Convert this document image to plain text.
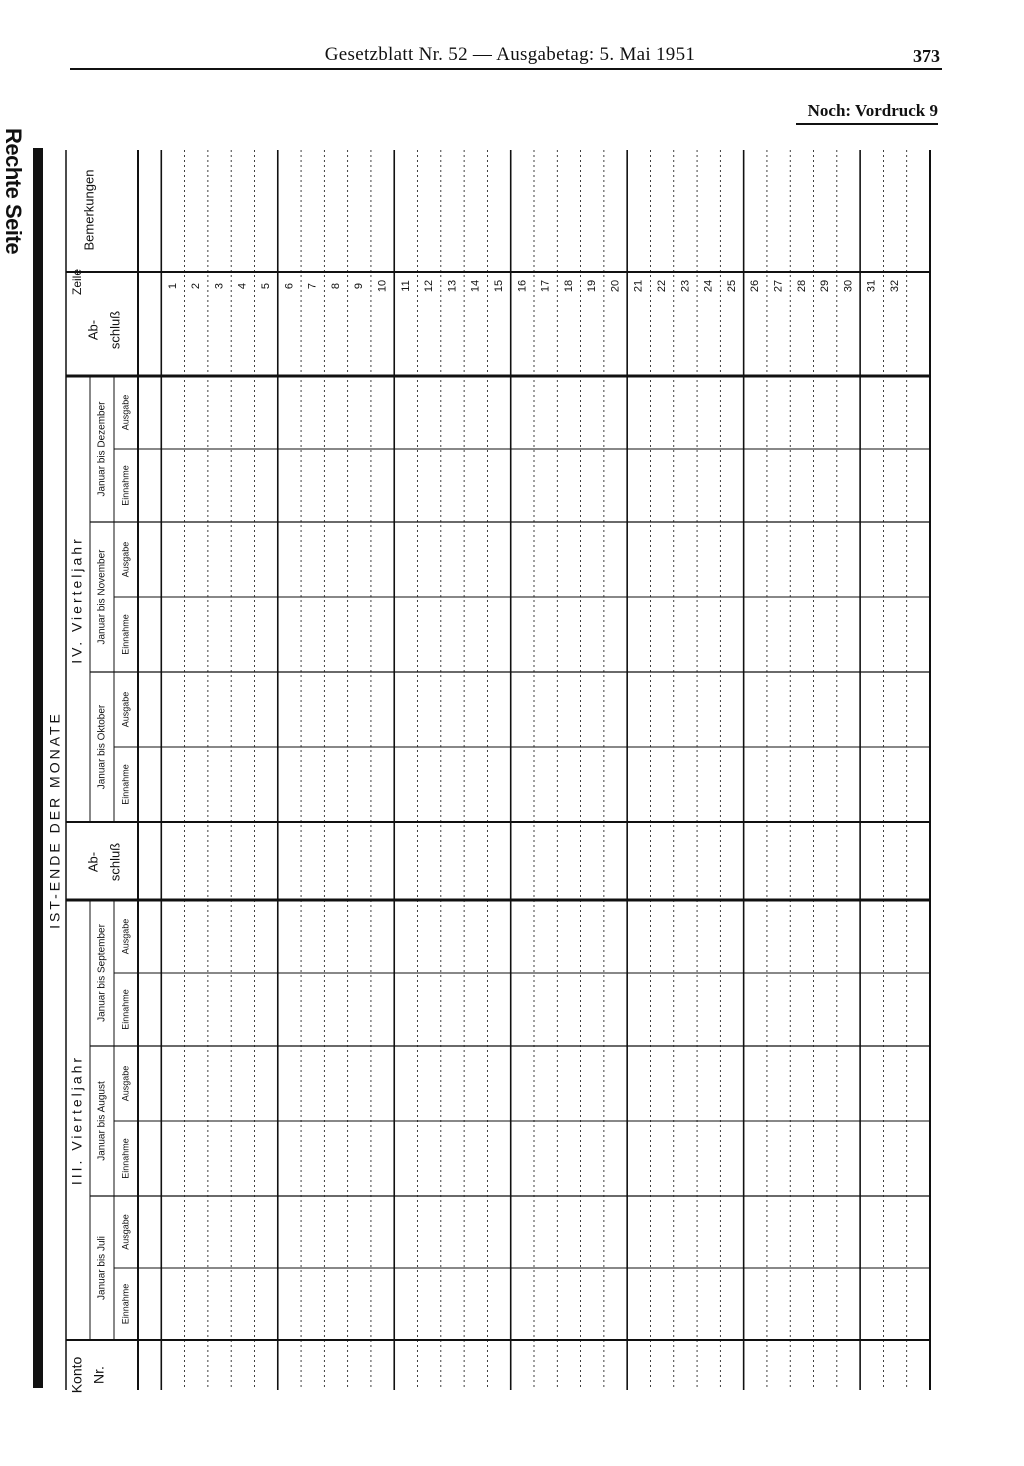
Gesetzblatt Nr. 52 — Ausgabetag: 5. Mai 1951	373
Noch: Vordruck 9
Rechte Seite
IST-ENDE DER MONATE
Konto Nr.
IV. Vierteljahr
III. Vierteljahr
Ab- schluß
Ab- schluß
Zeile
Bemerkungen
Januar bis Juli
Einnahme
Ausgabe
Januar bis August Einnahme
Ausgabe
Januar bis September Einnahme
Ausgabe
Januar bis Oktober Einnahme
Ausgabe
Januar bis November Einnahme
Ausgabe
Januar bis Dezember Einnahme
Ausgabe
1 2 3 4 5 6 7 8 9 10 11 12 13 14 15 16 17 18 19 20 21 22 23 24 25 26 27 28 29 30 31 32
